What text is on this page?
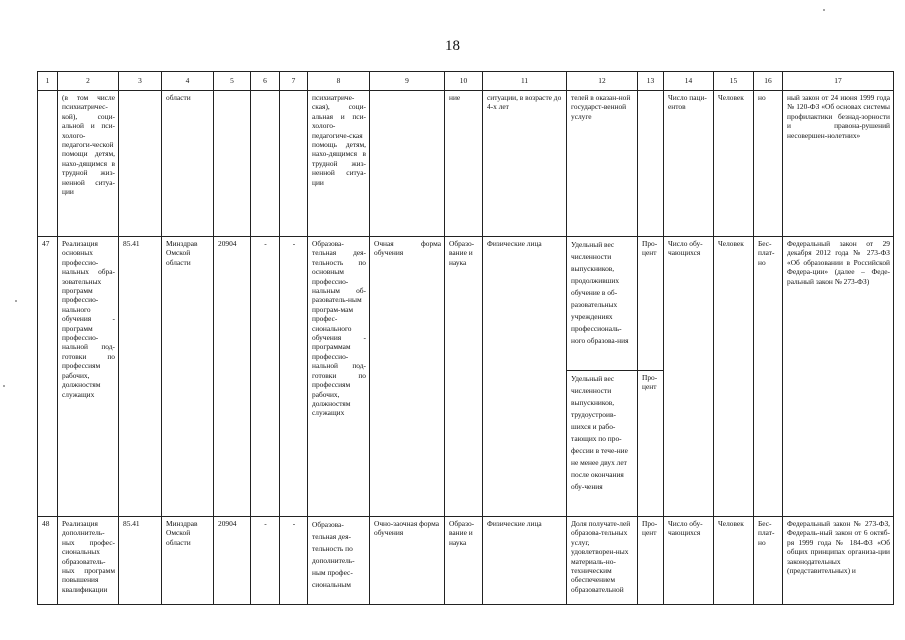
18
1	2	3	4	5	6	7	8	9	10	11	12	13	14	15	16	17
	(в том числе психиатричес-кой), соци-альной и пси-холого-педагоги-ческой помощи детям, нахо-дящимся в трудной жиз-ненной ситуа-ции		области				психиатриче-ская), соци-альная и пси-холого-педагогиче-ская помощь детям, нахо-дящимся в трудной жиз-ненной ситуа-ции		ние	ситуации, в возрасте до 4-х лет	телей в оказан-ной государст-венной услуге		Число паци-ентов	Человек	но	ный закон от 24 июня 1999 года № 120-ФЗ «Об основах системы профилактики безнад-зорности и правона-рушений несовершен-нолетних»
47	Реализация основных профессио-нальных обра-зовательных программ профессио-нального обучения - программ профессио-нальной под-готовки по профессиям рабочих, должностям служащих	85.41	Минздрав Омской области	20904	-	-	Образова-тельная дея-тельность по основным профессио-нальным об-разователь-ным програм-мам профес-сионального обучения - программам профессио-нальной под-готовки по профессиям рабочих, должностям служащих	Очная форма обучения	Образо-вание и наука	Физические лица	Удельный вес численности выпускников, продолживших обучение в об-разовательных учреждениях профессиональ-ного образова-ния	Про-цент	Число обу-чающихся	Человек	Бес-плат-но	Федеральный закон от 29 декабря 2012 года № 273-ФЗ «Об образовании в Российской Федера-ции» (далее – Феде-ральный закон № 273-ФЗ)
											Удельный вес численности выпускников, трудоустроив-шихся и рабо-тающих по про-фессии в тече-ние не менее двух лет после окончания обу-чения	Про-цент				
48	Реализация дополнитель-ных профес-сиональных образователь-ных программ повышения квалификации	85.41	Минздрав Омской области	20904	-	-	Образова-тельная дея-тельность по дополнитель-ным профес-сиональным	Очно-заочная форма обучения	Образо-вание и наука	Физические лица	Доля получате-лей образова-тельных услуг, удовлетворен-ных материаль-но-техническим обеспечением образовательной	Про-цент	Число обу-чающихся	Человек	Бес-плат-но	Федеральный закон № 273-ФЗ, Федераль-ный закон от 6 октяб-ря 1999 года № 184-ФЗ «Об общих принципах организа-ции законодательных (представительных) и
